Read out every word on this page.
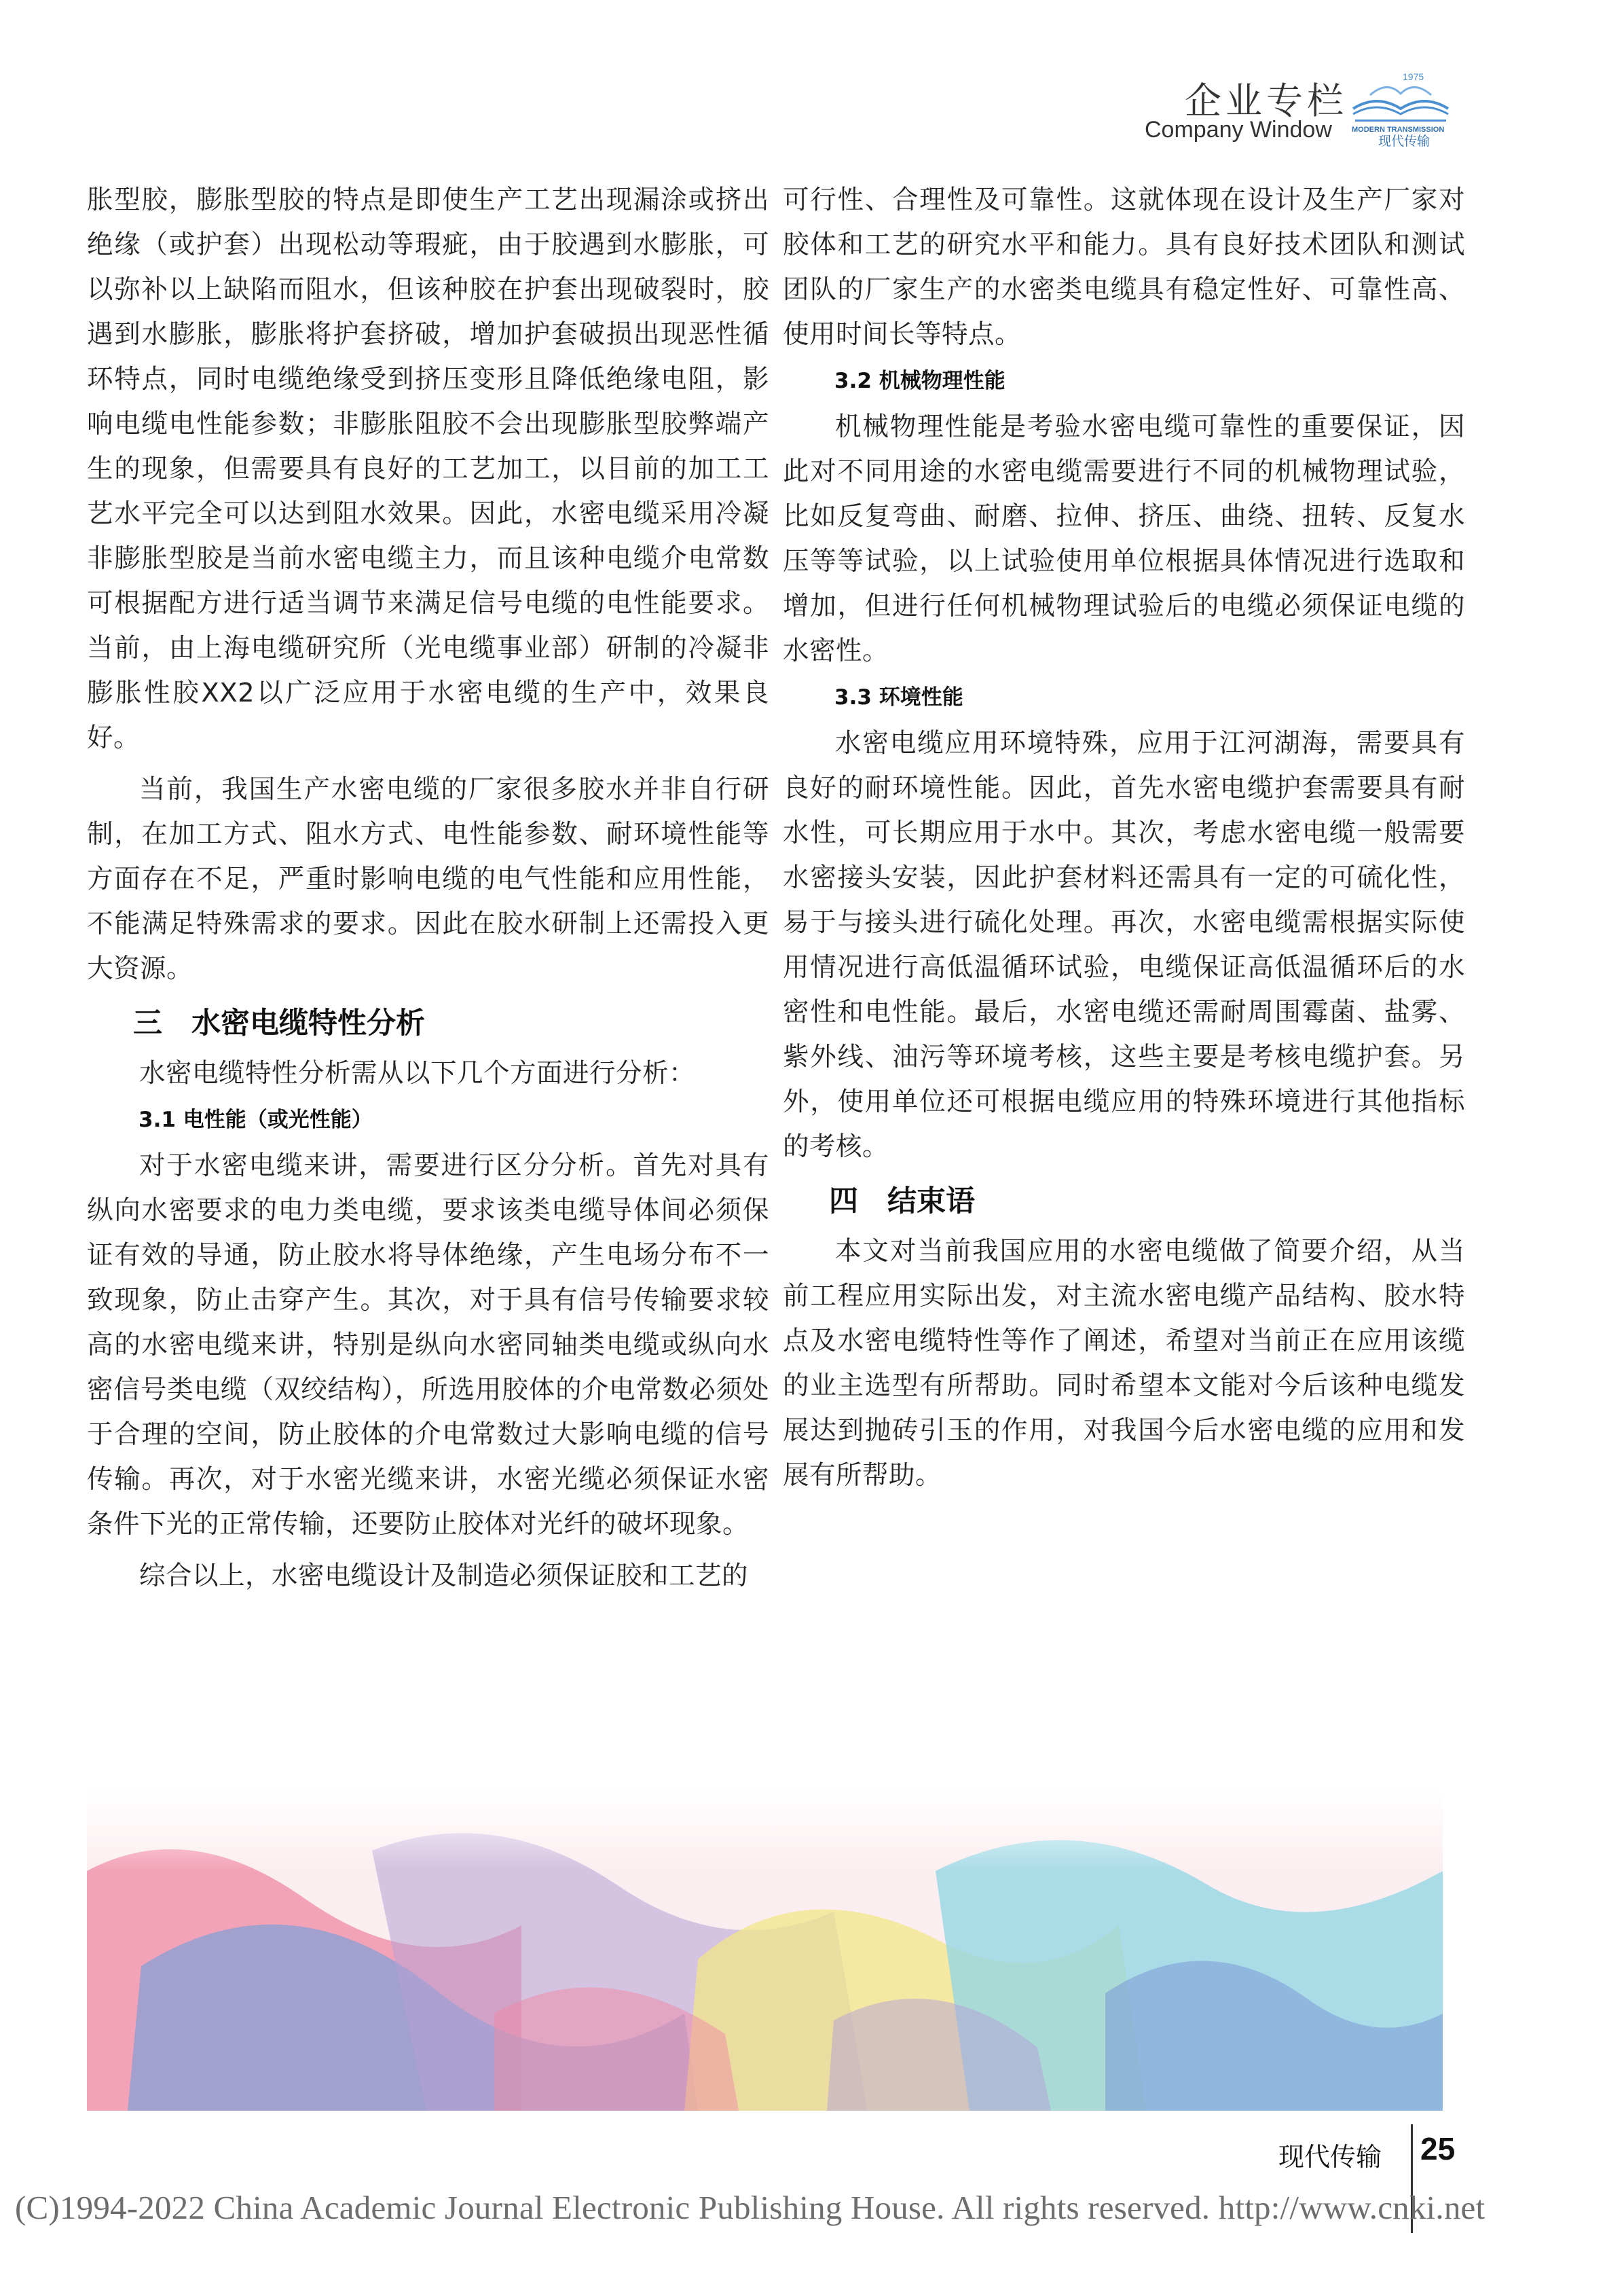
企业专栏
Company Window
1975
MODERN TRANSMISSION
现代传输

胀型胶，膨胀型胶的特点是即使生产工艺出现漏涂或挤出绝缘（或护套）出现松动等瑕疵，由于胶遇到水膨胀，可以弥补以上缺陷而阻水，但该种胶在护套出现破裂时，胶遇到水膨胀，膨胀将护套挤破，增加护套破损出现恶性循环特点，同时电缆绝缘受到挤压变形且降低绝缘电阻，影响电缆电性能参数；非膨胀阻胶不会出现膨胀型胶弊端产生的现象，但需要具有良好的工艺加工，以目前的加工工艺水平完全可以达到阻水效果。因此，水密电缆采用冷凝非膨胀型胶是当前水密电缆主力，而且该种电缆介电常数可根据配方进行适当调节来满足信号电缆的电性能要求。当前，由上海电缆研究所（光电缆事业部）研制的冷凝非膨胀性胶XX2以广泛应用于水密电缆的生产中，效果良好。

当前，我国生产水密电缆的厂家很多胶水并非自行研制，在加工方式、阻水方式、电性能参数、耐环境性能等方面存在不足，严重时影响电缆的电气性能和应用性能，不能满足特殊需求的要求。因此在胶水研制上还需投入更大资源。

三　水密电缆特性分析

水密电缆特性分析需从以下几个方面进行分析：

3.1 电性能（或光性能）

对于水密电缆来讲，需要进行区分分析。首先对具有纵向水密要求的电力类电缆，要求该类电缆导体间必须保证有效的导通，防止胶水将导体绝缘，产生电场分布不一致现象，防止击穿产生。其次，对于具有信号传输要求较高的水密电缆来讲，特别是纵向水密同轴类电缆或纵向水密信号类电缆（双绞结构），所选用胶体的介电常数必须处于合理的空间，防止胶体的介电常数过大影响电缆的信号传输。再次，对于水密光缆来讲，水密光缆必须保证水密条件下光的正常传输，还要防止胶体对光纤的破坏现象。

综合以上，水密电缆设计及制造必须保证胶和工艺的

可行性、合理性及可靠性。这就体现在设计及生产厂家对胶体和工艺的研究水平和能力。具有良好技术团队和测试团队的厂家生产的水密类电缆具有稳定性好、可靠性高、使用时间长等特点。

3.2 机械物理性能

机械物理性能是考验水密电缆可靠性的重要保证，因此对不同用途的水密电缆需要进行不同的机械物理试验，比如反复弯曲、耐磨、拉伸、挤压、曲绕、扭转、反复水压等等试验，以上试验使用单位根据具体情况进行选取和增加，但进行任何机械物理试验后的电缆必须保证电缆的水密性。

3.3 环境性能

水密电缆应用环境特殊，应用于江河湖海，需要具有良好的耐环境性能。因此，首先水密电缆护套需要具有耐水性，可长期应用于水中。其次，考虑水密电缆一般需要水密接头安装，因此护套材料还需具有一定的可硫化性，易于与接头进行硫化处理。再次，水密电缆需根据实际使用情况进行高低温循环试验，电缆保证高低温循环后的水密性和电性能。最后，水密电缆还需耐周围霉菌、盐雾、紫外线、油污等环境考核，这些主要是考核电缆护套。另外，使用单位还可根据电缆应用的特殊环境进行其他指标的考核。

四　结束语

本文对当前我国应用的水密电缆做了简要介绍，从当前工程应用实际出发，对主流水密电缆产品结构、胶水特点及水密电缆特性等作了阐述，希望对当前正在应用该缆的业主选型有所帮助。同时希望本文能对今后该种电缆发展达到抛砖引玉的作用，对我国今后水密电缆的应用和发展有所帮助。

现代传输 25
(C)1994-2022 China Academic Journal Electronic Publishing House. All rights reserved. http://www.cnki.net
